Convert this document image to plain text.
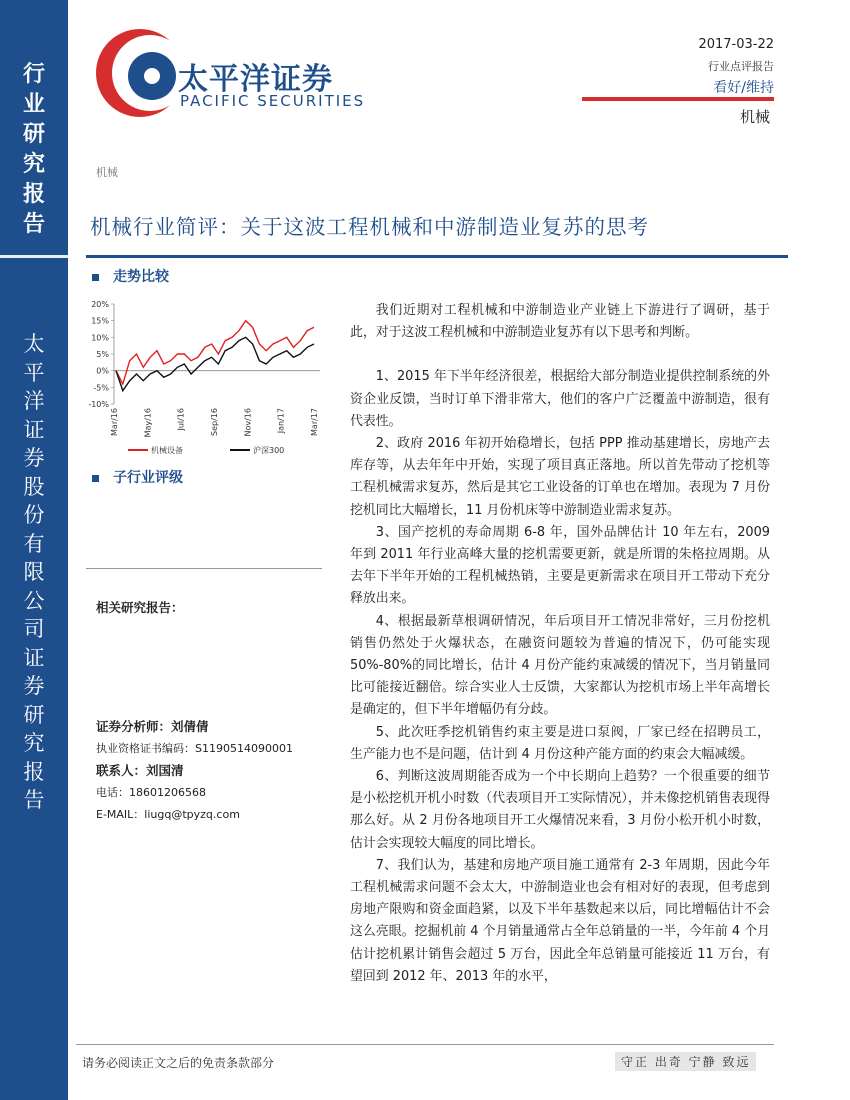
行
业
研
究
报
告
太
平
洋
证
券
股
份
有
限
公
司
证
券
研
究
报
告
太平洋证券
PACIFIC SECURITIES
2017-03-22
行业点评报告
看好/维持
机械
机械
机械行业简评：关于这波工程机械和中游制造业复苏的思考
走势比较
20%
15%
10%
5%
0%
-5%
-10%
Mar/16	May/16	Jul/16	Sep/16	Nov/16	Jan/17	Mar/17
机械设备	沪深300
子行业评级
相关研究报告：
证券分析师：刘倩倩
执业资格证书编码：S1190514090001
联系人：刘国清
电话：18601206568
E-MAIL：liugq@tpyzq.com

我们近期对工程机械和中游制造业产业链上下游进行了调研，基于此，对于这波工程机械和中游制造业复苏有以下思考和判断。

1、2015 年下半年经济很差，根据给大部分制造业提供控制系统的外资企业反馈，当时订单下滑非常大，他们的客户广泛覆盖中游制造，很有代表性。

2、政府 2016 年初开始稳增长，包括 PPP 推动基建增长，房地产去库存等，从去年年中开始，实现了项目真正落地。所以首先带动了挖机等工程机械需求复苏，然后是其它工业设备的订单也在增加。表现为 7 月份挖机同比大幅增长，11 月份机床等中游制造业需求复苏。

3、国产挖机的寿命周期 6-8 年，国外品牌估计 10 年左右，2009 年到 2011 年行业高峰大量的挖机需要更新，就是所谓的朱格拉周期。从去年下半年开始的工程机械热销，主要是更新需求在项目开工带动下充分释放出来。

4、根据最新草根调研情况，年后项目开工情况非常好，三月份挖机销售仍然处于火爆状态，在融资问题较为普遍的情况下，仍可能实现 50%-80%的同比增长，估计 4 月份产能约束减缓的情况下，当月销量同比可能接近翻倍。综合实业人士反馈，大家都认为挖机市场上半年高增长是确定的，但下半年增幅仍有分歧。

5、此次旺季挖机销售约束主要是进口泵阀，厂家已经在招聘员工，生产能力也不是问题，估计到 4 月份这种产能方面的约束会大幅减缓。

6、判断这波周期能否成为一个中长期向上趋势？一个很重要的细节是小松挖机开机小时数（代表项目开工实际情况），并未像挖机销售表现得那么好。从 2 月份各地项目开工火爆情况来看，3 月份小松开机小时数，估计会实现较大幅度的同比增长。

7、我们认为，基建和房地产项目施工通常有 2-3 年周期，因此今年工程机械需求问题不会太大，中游制造业也会有相对好的表现，但考虑到房地产限购和资金面趋紧，以及下半年基数起来以后，同比增幅估计不会这么亮眼。挖掘机前 4 个月销量通常占全年总销量的一半，今年前 4 个月估计挖机累计销售会超过 5 万台，因此全年总销量可能接近 11 万台，有望回到 2012 年、2013 年的水平，

请务必阅读正文之后的免责条款部分	守正 出奇 宁静 致远
